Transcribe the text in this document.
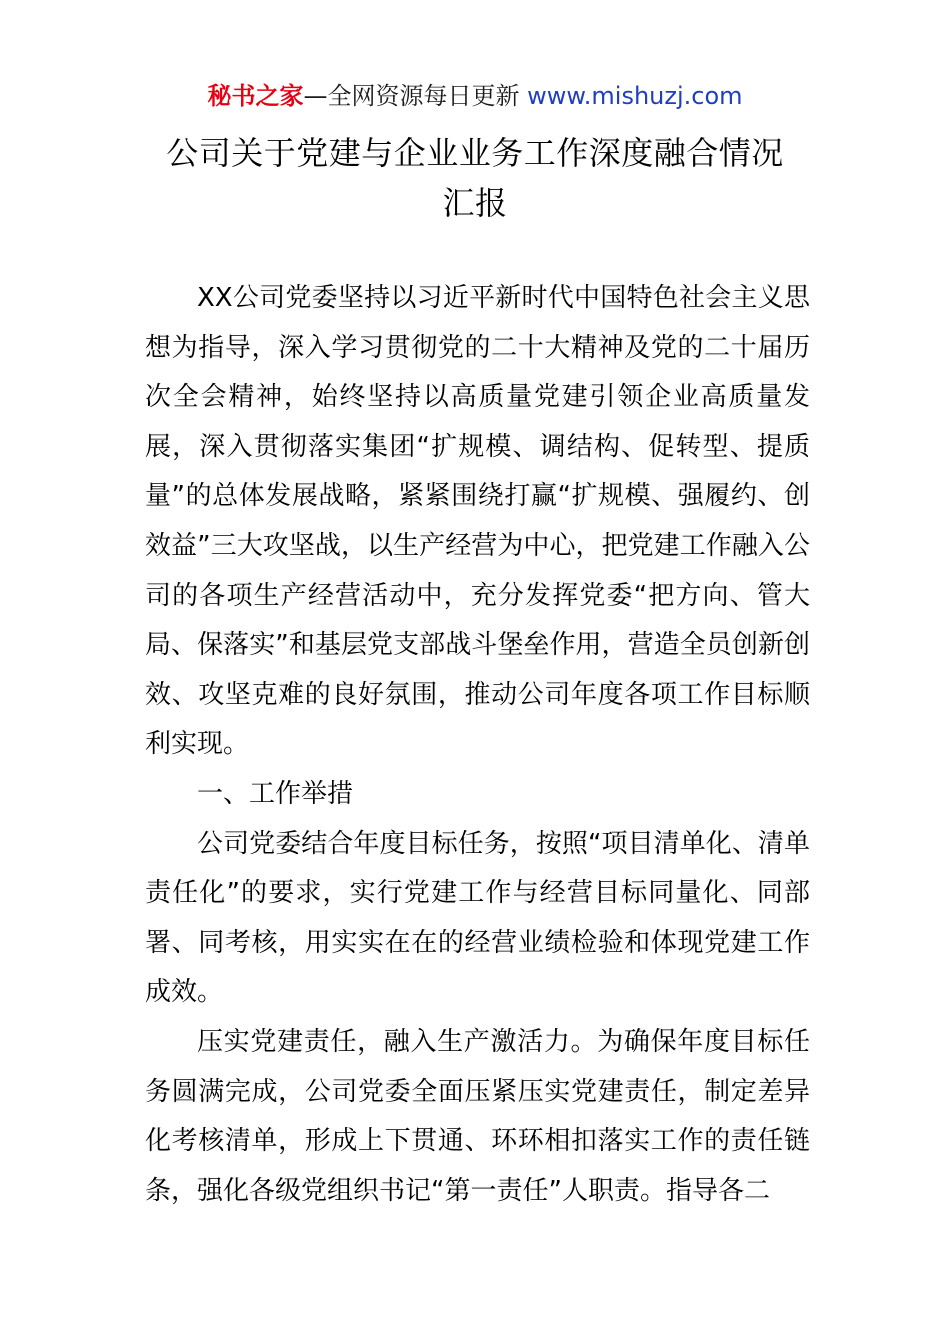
秘书之家—全网资源每日更新 www.mishuzj.com
公司关于党建与企业业务工作深度融合情况
汇报

XX公司党委坚持以习近平新时代中国特色社会主义思想为指导，深入学习贯彻党的二十大精神及党的二十届历次全会精神，始终坚持以高质量党建引领企业高质量发展，深入贯彻落实集团“扩规模、调结构、促转型、提质量”的总体发展战略，紧紧围绕打赢“扩规模、强履约、创效益”三大攻坚战，以生产经营为中心，把党建工作融入公司的各项生产经营活动中，充分发挥党委“把方向、管大局、保落实”和基层党支部战斗堡垒作用，营造全员创新创效、攻坚克难的良好氛围，推动公司年度各项工作目标顺利实现。

一、工作举措

公司党委结合年度目标任务，按照“项目清单化、清单责任化”的要求，实行党建工作与经营目标同量化、同部署、同考核，用实实在在的经营业绩检验和体现党建工作成效。

压实党建责任，融入生产激活力。为确保年度目标任务圆满完成，公司党委全面压紧压实党建责任，制定差异化考核清单，形成上下贯通、环环相扣落实工作的责任链条，强化各级党组织书记“第一责任”人职责。指导各二
